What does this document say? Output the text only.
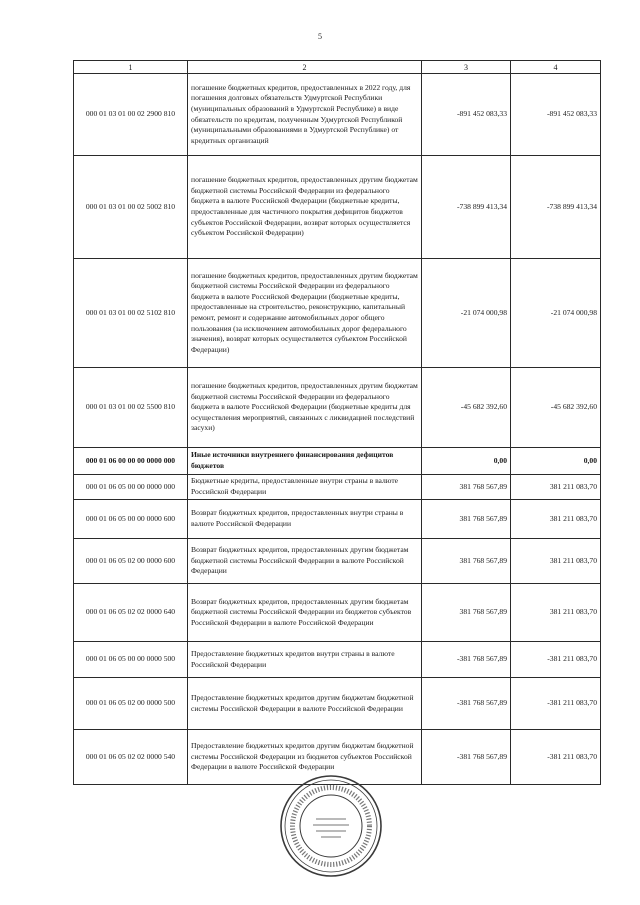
5
1	2	3	4
000 01 03 01 00 02 2900 810	погашение бюджетных кредитов, предоставленных в 2022 году, для погашения долговых обязательств Удмуртской Республики (муниципальных образований в Удмуртской Республике) в виде обязательств по кредитам, полученным Удмуртской Республикой (муниципальными образованиями в Удмуртской Республике) от кредитных организаций	-891 452 083,33	-891 452 083,33
000 01 03 01 00 02 5002 810	погашение бюджетных кредитов, предоставленных другим бюджетам бюджетной системы Российской Федерации из федерального бюджета в валюте Российской Федерации (бюджетные кредиты, предоставленные для частичного покрытия дефицитов бюджетов субъектов Российской Федерации, возврат которых осуществляется субъектом Российской Федерации)	-738 899 413,34	-738 899 413,34
000 01 03 01 00 02 5102 810	погашение бюджетных кредитов, предоставленных другим бюджетам бюджетной системы Российской Федерации из федерального бюджета в валюте Российской Федерации (бюджетные кредиты, предоставленные на строительство, реконструкцию, капитальный ремонт, ремонт и содержание автомобильных дорог общего пользования (за исключением автомобильных дорог федерального значения), возврат которых осуществляется субъектом Российской Федерации)	-21 074 000,98	-21 074 000,98
000 01 03 01 00 02 5500 810	погашение бюджетных кредитов, предоставленных другим бюджетам бюджетной системы Российской Федерации из федерального бюджета в валюте Российской Федерации (бюджетные кредиты для осуществления мероприятий, связанных с ликвидацией последствий засухи)	-45 682 392,60	-45 682 392,60
000 01 06 00 00 00 0000 000	Иные источники внутреннего финансирования дефицитов бюджетов	0,00	0,00
000 01 06 05 00 00 0000 000	Бюджетные кредиты, предоставленные внутри страны в валюте Российской Федерации	381 768 567,89	381 211 083,70
000 01 06 05 00 00 0000 600	Возврат бюджетных кредитов, предоставленных внутри страны в валюте Российской Федерации	381 768 567,89	381 211 083,70
000 01 06 05 02 00 0000 600	Возврат бюджетных кредитов, предоставленных другим бюджетам бюджетной системы Российской Федерации в валюте Российской Федерации	381 768 567,89	381 211 083,70
000 01 06 05 02 02 0000 640	Возврат бюджетных кредитов, предоставленных другим бюджетам бюджетной системы Российской Федерации из бюджетов субъектов Российской Федерации в валюте Российской Федерации	381 768 567,89	381 211 083,70
000 01 06 05 00 00 0000 500	Предоставление бюджетных кредитов внутри страны в валюте Российской Федерации	-381 768 567,89	-381 211 083,70
000 01 06 05 02 00 0000 500	Предоставление бюджетных кредитов другим бюджетам бюджетной системы Российской Федерации в валюте Российской Федерации	-381 768 567,89	-381 211 083,70
000 01 06 05 02 02 0000 540	Предоставление бюджетных кредитов другим бюджетам бюджетной системы Российской Федерации из бюджетов субъектов Российской Федерации в валюте Российской Федерации	-381 768 567,89	-381 211 083,70
